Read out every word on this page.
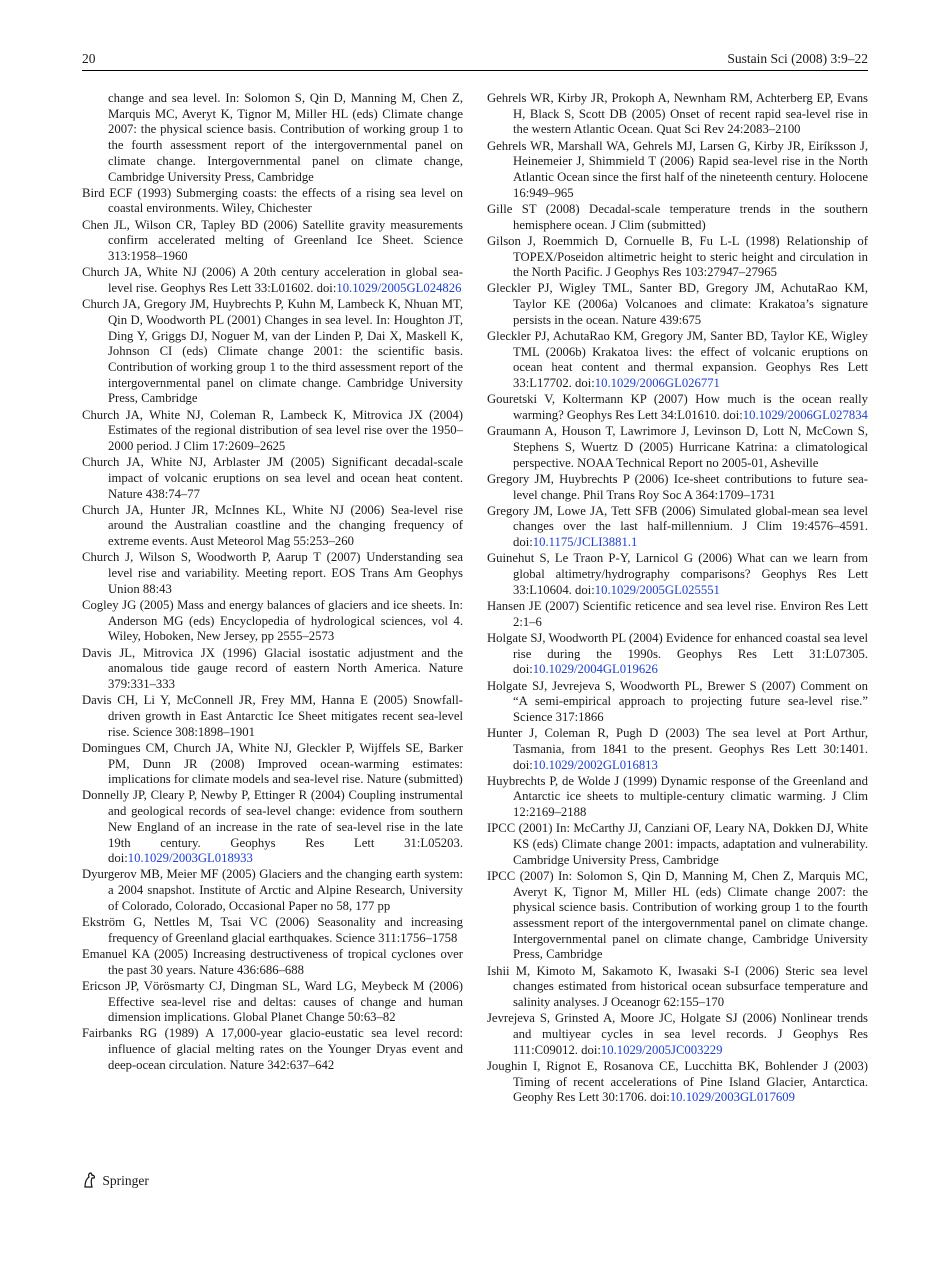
20	Sustain Sci (2008) 3:9–22
change and sea level. In: Solomon S, Qin D, Manning M, Chen Z, Marquis MC, Averyt K, Tignor M, Miller HL (eds) Climate change 2007: the physical science basis. Contribution of working group 1 to the fourth assessment report of the intergovernmental panel on climate change. Intergovernmental panel on climate change, Cambridge University Press, Cambridge
Bird ECF (1993) Submerging coasts: the effects of a rising sea level on coastal environments. Wiley, Chichester
Chen JL, Wilson CR, Tapley BD (2006) Satellite gravity measurements confirm accelerated melting of Greenland Ice Sheet. Science 313:1958–1960
Church JA, White NJ (2006) A 20th century acceleration in global sea-level rise. Geophys Res Lett 33:L01602. doi:10.1029/2005GL024826
Church JA, Gregory JM, Huybrechts P, Kuhn M, Lambeck K, Nhuan MT, Qin D, Woodworth PL (2001) Changes in sea level. In: Houghton JT, Ding Y, Griggs DJ, Noguer M, van der Linden P, Dai X, Maskell K, Johnson CI (eds) Climate change 2001: the scientific basis. Contribution of working group 1 to the third assessment report of the intergovernmental panel on climate change. Cambridge University Press, Cambridge
Church JA, White NJ, Coleman R, Lambeck K, Mitrovica JX (2004) Estimates of the regional distribution of sea level rise over the 1950–2000 period. J Clim 17:2609–2625
Church JA, White NJ, Arblaster JM (2005) Significant decadal-scale impact of volcanic eruptions on sea level and ocean heat content. Nature 438:74–77
Church JA, Hunter JR, McInnes KL, White NJ (2006) Sea-level rise around the Australian coastline and the changing frequency of extreme events. Aust Meteorol Mag 55:253–260
Church J, Wilson S, Woodworth P, Aarup T (2007) Understanding sea level rise and variability. Meeting report. EOS Trans Am Geophys Union 88:43
Cogley JG (2005) Mass and energy balances of glaciers and ice sheets. In: Anderson MG (eds) Encyclopedia of hydrological sciences, vol 4. Wiley, Hoboken, New Jersey, pp 2555–2573
Davis JL, Mitrovica JX (1996) Glacial isostatic adjustment and the anomalous tide gauge record of eastern North America. Nature 379:331–333
Davis CH, Li Y, McConnell JR, Frey MM, Hanna E (2005) Snowfall-driven growth in East Antarctic Ice Sheet mitigates recent sea-level rise. Science 308:1898–1901
Domingues CM, Church JA, White NJ, Gleckler P, Wijffels SE, Barker PM, Dunn JR (2008) Improved ocean-warming estimates: implications for climate models and sea-level rise. Nature (submitted)
Donnelly JP, Cleary P, Newby P, Ettinger R (2004) Coupling instrumental and geological records of sea-level change: evidence from southern New England of an increase in the rate of sea-level rise in the late 19th century. Geophys Res Lett 31:L05203. doi:10.1029/2003GL018933
Dyurgerov MB, Meier MF (2005) Glaciers and the changing earth system: a 2004 snapshot. Institute of Arctic and Alpine Research, University of Colorado, Colorado, Occasional Paper no 58, 177 pp
Ekström G, Nettles M, Tsai VC (2006) Seasonality and increasing frequency of Greenland glacial earthquakes. Science 311:1756–1758
Emanuel KA (2005) Increasing destructiveness of tropical cyclones over the past 30 years. Nature 436:686–688
Ericson JP, Vörösmarty CJ, Dingman SL, Ward LG, Meybeck M (2006) Effective sea-level rise and deltas: causes of change and human dimension implications. Global Planet Change 50:63–82
Fairbanks RG (1989) A 17,000-year glacio-eustatic sea level record: influence of glacial melting rates on the Younger Dryas event and deep-ocean circulation. Nature 342:637–642
Gehrels WR, Kirby JR, Prokoph A, Newnham RM, Achterberg EP, Evans H, Black S, Scott DB (2005) Onset of recent rapid sea-level rise in the western Atlantic Ocean. Quat Sci Rev 24:2083–2100
Gehrels WR, Marshall WA, Gehrels MJ, Larsen G, Kirby JR, Eiríksson J, Heinemeier J, Shimmield T (2006) Rapid sea-level rise in the North Atlantic Ocean since the first half of the nineteenth century. Holocene 16:949–965
Gille ST (2008) Decadal-scale temperature trends in the southern hemisphere ocean. J Clim (submitted)
Gilson J, Roemmich D, Cornuelle B, Fu L-L (1998) Relationship of TOPEX/Poseidon altimetric height to steric height and circulation in the North Pacific. J Geophys Res 103:27947–27965
Gleckler PJ, Wigley TML, Santer BD, Gregory JM, AchutaRao KM, Taylor KE (2006a) Volcanoes and climate: Krakatoa’s signature persists in the ocean. Nature 439:675
Gleckler PJ, AchutaRao KM, Gregory JM, Santer BD, Taylor KE, Wigley TML (2006b) Krakatoa lives: the effect of volcanic eruptions on ocean heat content and thermal expansion. Geophys Res Lett 33:L17702. doi:10.1029/2006GL026771
Gouretski V, Koltermann KP (2007) How much is the ocean really warming? Geophys Res Lett 34:L01610. doi:10.1029/2006GL027834
Graumann A, Houson T, Lawrimore J, Levinson D, Lott N, McCown S, Stephens S, Wuertz D (2005) Hurricane Katrina: a climatological perspective. NOAA Technical Report no 2005-01, Asheville
Gregory JM, Huybrechts P (2006) Ice-sheet contributions to future sea-level change. Phil Trans Roy Soc A 364:1709–1731
Gregory JM, Lowe JA, Tett SFB (2006) Simulated global-mean sea level changes over the last half-millennium. J Clim 19:4576–4591. doi:10.1175/JCLI3881.1
Guinehut S, Le Traon P-Y, Larnicol G (2006) What can we learn from global altimetry/hydrography comparisons? Geophys Res Lett 33:L10604. doi:10.1029/2005GL025551
Hansen JE (2007) Scientific reticence and sea level rise. Environ Res Lett 2:1–6
Holgate SJ, Woodworth PL (2004) Evidence for enhanced coastal sea level rise during the 1990s. Geophys Res Lett 31:L07305. doi:10.1029/2004GL019626
Holgate SJ, Jevrejeva S, Woodworth PL, Brewer S (2007) Comment on “A semi-empirical approach to projecting future sea-level rise.” Science 317:1866
Hunter J, Coleman R, Pugh D (2003) The sea level at Port Arthur, Tasmania, from 1841 to the present. Geophys Res Lett 30:1401. doi:10.1029/2002GL016813
Huybrechts P, de Wolde J (1999) Dynamic response of the Greenland and Antarctic ice sheets to multiple-century climatic warming. J Clim 12:2169–2188
IPCC (2001) In: McCarthy JJ, Canziani OF, Leary NA, Dokken DJ, White KS (eds) Climate change 2001: impacts, adaptation and vulnerability. Cambridge University Press, Cambridge
IPCC (2007) In: Solomon S, Qin D, Manning M, Chen Z, Marquis MC, Averyt K, Tignor M, Miller HL (eds) Climate change 2007: the physical science basis. Contribution of working group 1 to the fourth assessment report of the intergovernmental panel on climate change. Intergovernmental panel on climate change, Cambridge University Press, Cambridge
Ishii M, Kimoto M, Sakamoto K, Iwasaki S-I (2006) Steric sea level changes estimated from historical ocean subsurface temperature and salinity analyses. J Oceanogr 62:155–170
Jevrejeva S, Grinsted A, Moore JC, Holgate SJ (2006) Nonlinear trends and multiyear cycles in sea level records. J Geophys Res 111:C09012. doi:10.1029/2005JC003229
Joughin I, Rignot E, Rosanova CE, Lucchitta BK, Bohlender J (2003) Timing of recent accelerations of Pine Island Glacier, Antarctica. Geophy Res Lett 30:1706. doi:10.1029/2003GL017609
Springer
